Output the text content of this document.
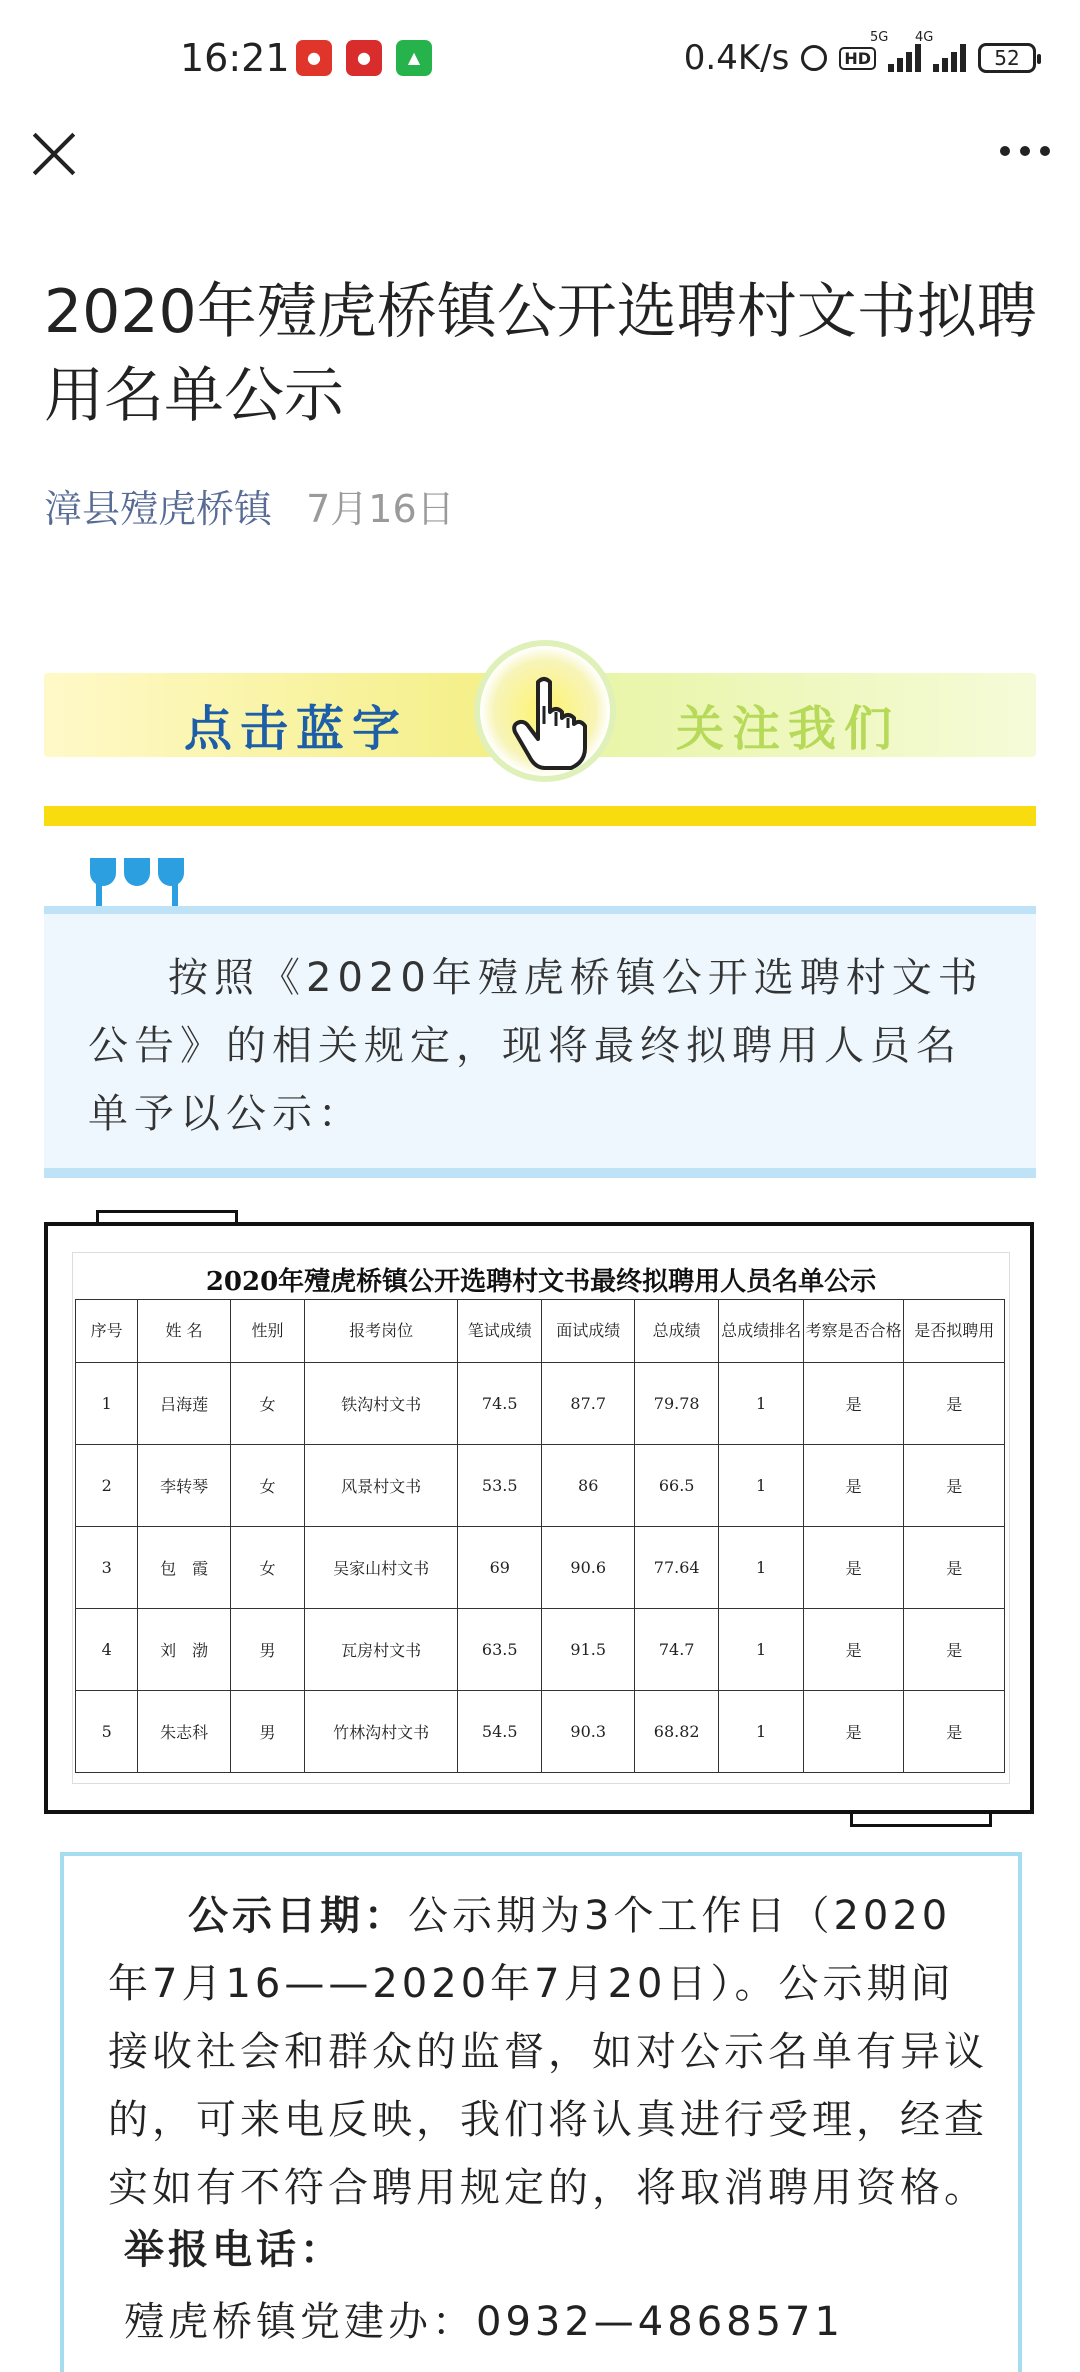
16:21	●	●	▲	0.4K/s	HD
5G 4G
52
2020年殪虎桥镇公开选聘村文书拟聘用名单公示
漳县殪虎桥镇 7月16日
点击蓝字	关注我们

按照《2020年殪虎桥镇公开选聘村文书公告》的相关规定，现将最终拟聘用人员名单予以公示：

2020年殪虎桥镇公开选聘村文书最终拟聘用人员名单公示
序号	姓 名	性别	报考岗位	笔试成绩	面试成绩	总成绩	总成绩排名	考察是否合格	是否拟聘用
1	吕海莲	女	铁沟村文书	74.5	87.7	79.78	1	是	是
2	李转琴	女	风景村文书	53.5	86	66.5	1	是	是
3	包　霞	女	吴家山村文书	69	90.6	77.64	1	是	是
4	刘　渤	男	瓦房村文书	63.5	91.5	74.7	1	是	是
5	朱志科	男	竹林沟村文书	54.5	90.3	68.82	1	是	是

公示日期：公示期为3个工作日（2020年7月16——2020年7月20日）。公示期间接收社会和群众的监督，如对公示名单有异议的，可来电反映，我们将认真进行受理，经查实如有不符合聘用规定的，将取消聘用资格。

举报电话：
殪虎桥镇党建办：0932—4868571
